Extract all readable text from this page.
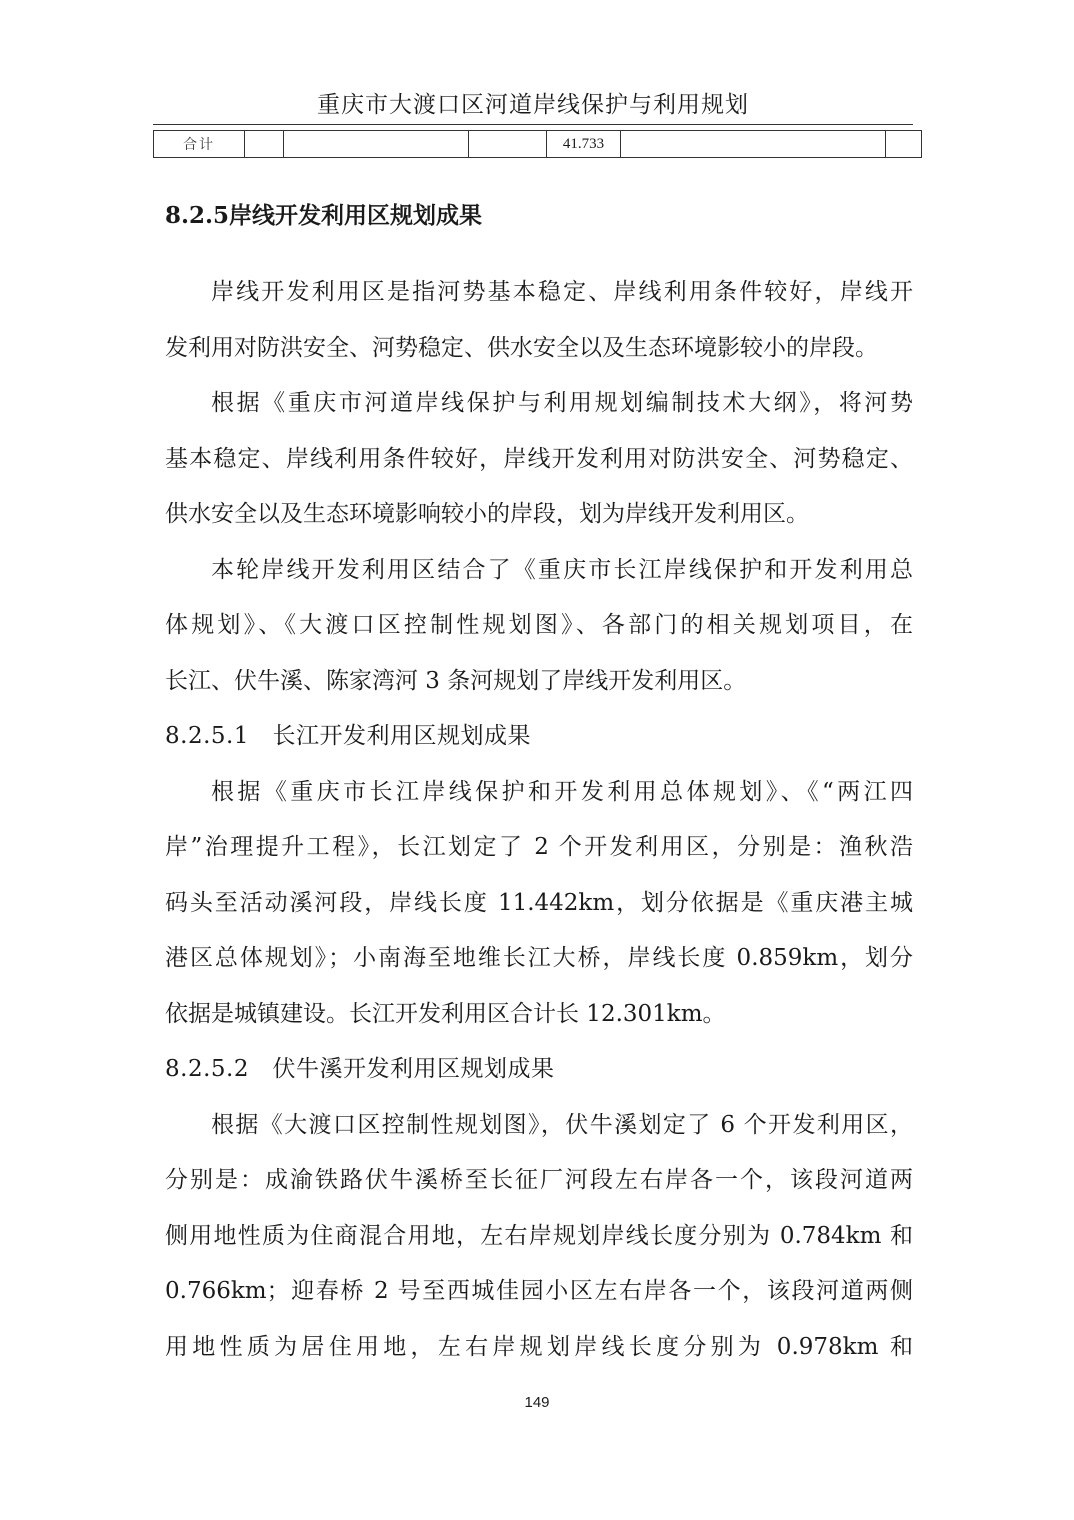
重庆市大渡口区河道岸线保护与利用规划
合计				41.733		
8.2.5岸线开发利用区规划成果

岸线开发利用区是指河势基本稳定、岸线利用条件较好，岸线开

发利用对防洪安全、河势稳定、供水安全以及生态环境影较小的岸段。

根据《重庆市河道岸线保护与利用规划编制技术大纲》，将河势

基本稳定、岸线利用条件较好，岸线开发利用对防洪安全、河势稳定、

供水安全以及生态环境影响较小的岸段，划为岸线开发利用区。

本轮岸线开发利用区结合了《重庆市长江岸线保护和开发利用总

体规划》、《大渡口区控制性规划图》、各部门的相关规划项目，在

长江、伏牛溪、陈家湾河 3 条河规划了岸线开发利用区。

8.2.5.1　长江开发利用区规划成果

根据《重庆市长江岸线保护和开发利用总体规划》、《“两江四

岸”治理提升工程》，长江划定了 2 个开发利用区，分别是：渔秋浩

码头至活动溪河段，岸线长度 11.442km，划分依据是《重庆港主城

港区总体规划》；小南海至地维长江大桥，岸线长度 0.859km，划分

依据是城镇建设。长江开发利用区合计长 12.301km。

8.2.5.2　伏牛溪开发利用区规划成果

根据《大渡口区控制性规划图》，伏牛溪划定了 6 个开发利用区，

分别是：成渝铁路伏牛溪桥至长征厂河段左右岸各一个，该段河道两

侧用地性质为住商混合用地，左右岸规划岸线长度分别为 0.784km 和

0.766km；迎春桥 2 号至西城佳园小区左右岸各一个，该段河道两侧

用地性质为居住用地，左右岸规划岸线长度分别为 0.978km 和

149
